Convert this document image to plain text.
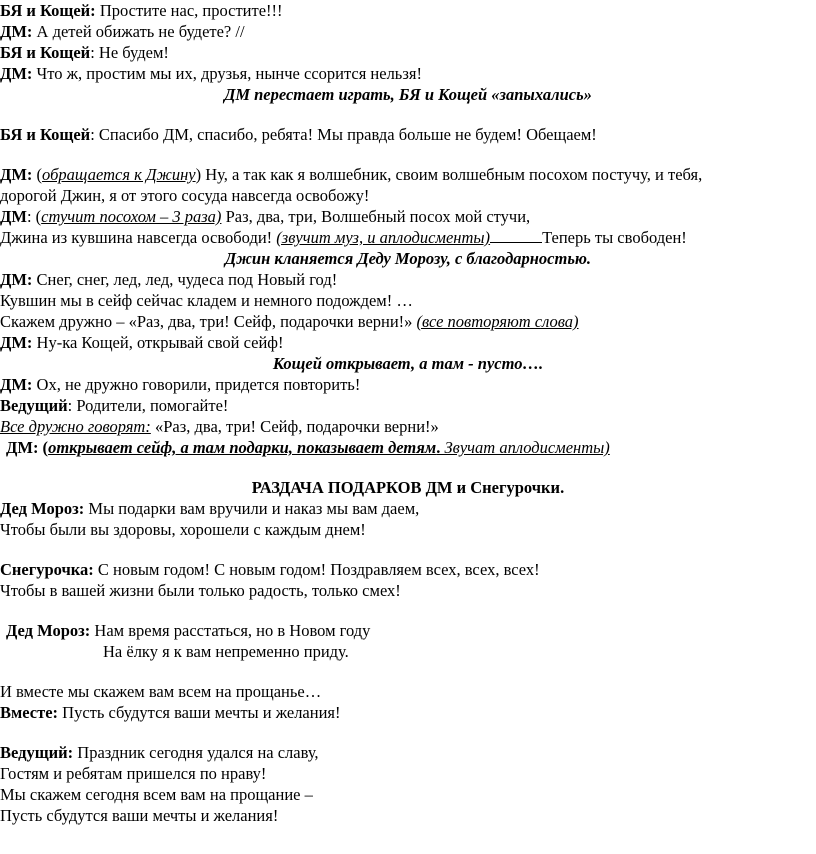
БЯ и Кощей: Простите нас, простите!!!
ДМ: А детей обижать не будете? //
БЯ и Кощей: Не будем!
ДМ: Что ж, простим мы их, друзья, нынче ссорится нельзя!
ДМ перестает играть, БЯ и Кощей «запыхались»
БЯ и Кощей: Спасибо ДМ, спасибо, ребята! Мы правда больше не будем! Обещаем!
ДМ: (обращается к Джину) Ну, а так как я волшебник, своим волшебным посохом постучу, и тебя,
дорогой Джин, я от этого сосуда навсегда освобожу!
ДМ: (стучит посохом – 3 раза) Раз, два, три, Волшебный посох мой стучи,
Джина из кувшина навсегда освободи! (звучит муз, и аплодисменты)	Теперь ты свободен!
Джин кланяется Деду Морозу, с благодарностью.
ДМ: Снег, снег, лед, лед, чудеса под Новый год!
Кувшин мы в сейф сейчас кладем и немного подождем! …
Скажем дружно – «Раз, два, три! Сейф, подарочки верни!» (все повторяют слова)
ДМ: Ну-ка Кощей, открывай свой сейф!
Кощей открывает, а там - пусто….
ДМ: Ох, не дружно говорили, придется повторить!
Ведущий: Родители, помогайте!
Все дружно говорят: «Раз, два, три! Сейф, подарочки верни!»
ДМ: (открывает сейф, а там подарки, показывает детям. Звучат аплодисменты)
РАЗДАЧА ПОДАРКОВ ДМ и Снегурочки.
Дед Мороз: Мы подарки вам вручили и наказ мы вам даем,
Чтобы были вы здоровы, хорошели с каждым днем!
Снегурочка: С новым годом! С новым годом! Поздравляем всех, всех, всех!
Чтобы в вашей жизни были только радость, только смех!
Дед Мороз: Нам время расстаться, но в Новом году
На ёлку я к вам непременно приду.
И вместе мы скажем вам всем на прощанье…
Вместе: Пусть сбудутся ваши мечты и желания!
Ведущий: Праздник сегодня удался на славу,
Гостям и ребятам пришелся по нраву!
Мы скажем сегодня всем вам на прощание –
Пусть сбудутся ваши мечты и желания!
